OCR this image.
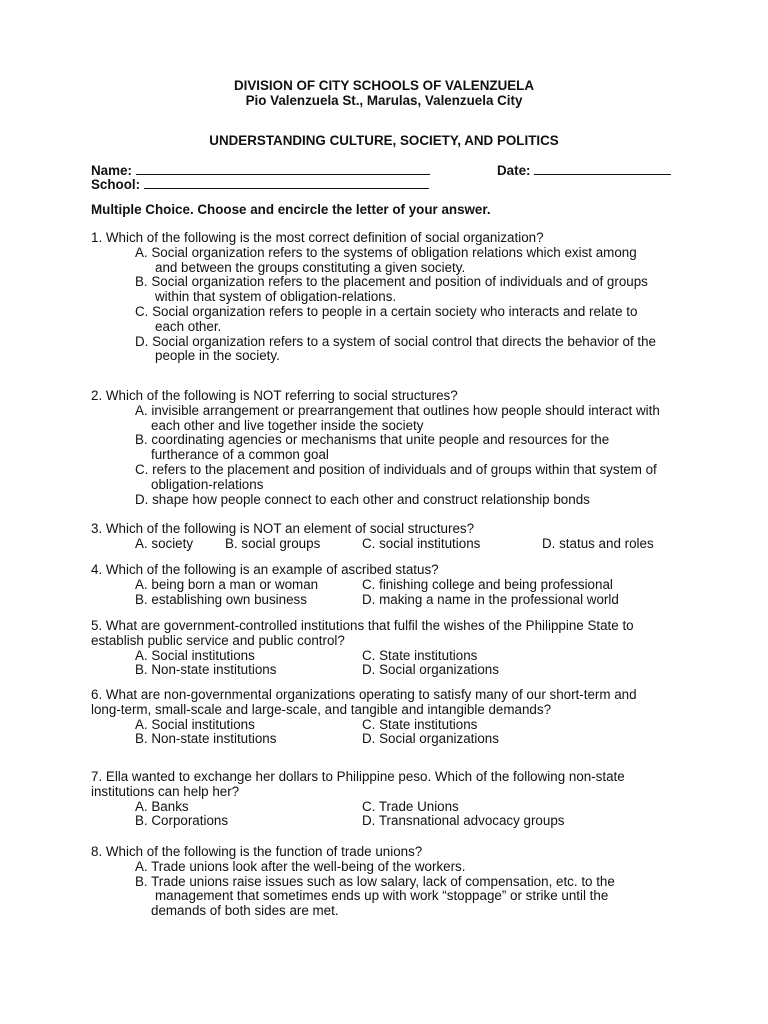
DIVISION OF CITY SCHOOLS OF VALENZUELA
Pio Valenzuela St., Marulas, Valenzuela City
UNDERSTANDING CULTURE, SOCIETY, AND POLITICS
Name:	Date:
School:
Multiple Choice. Choose and encircle the letter of your answer.
1. Which of the following is the most correct definition of social organization?
A. Social organization refers to the systems of obligation relations which exist among
and between the groups constituting a given society.
B. Social organization refers to the placement and position of individuals and of groups
within that system of obligation-relations.
C. Social organization refers to people in a certain society who interacts and relate to
each other.
D. Social organization refers to a system of social control that directs the behavior of the
people in the society.
2. Which of the following is NOT referring to social structures?
A. invisible arrangement or prearrangement that outlines how people should interact with
each other and live together inside the society
B. coordinating agencies or mechanisms that unite people and resources for the
furtherance of a common goal
C. refers to the placement and position of individuals and of groups within that system of
obligation-relations
D. shape how people connect to each other and construct relationship bonds
3. Which of the following is NOT an element of social structures?
A. society B. social groups	C. social institutions	D. status and roles
4. Which of the following is an example of ascribed status?
A. being born a man or woman	C. finishing college and being professional
B. establishing own business	D. making a name in the professional world
5. What are government-controlled institutions that fulfil the wishes of the Philippine State to
establish public service and public control?
A. Social institutions	C. State institutions
B. Non-state institutions	D. Social organizations
6. What are non-governmental organizations operating to satisfy many of our short-term and
long-term, small-scale and large-scale, and tangible and intangible demands?
A. Social institutions	C. State institutions
B. Non-state institutions	D. Social organizations
7. Ella wanted to exchange her dollars to Philippine peso. Which of the following non-state
institutions can help her?
A. Banks	C. Trade Unions
B. Corporations	D. Transnational advocacy groups
8. Which of the following is the function of trade unions?
A. Trade unions look after the well-being of the workers.
B. Trade unions raise issues such as low salary, lack of compensation, etc. to the
management that sometimes ends up with work “stoppage” or strike until the
demands of both sides are met.
